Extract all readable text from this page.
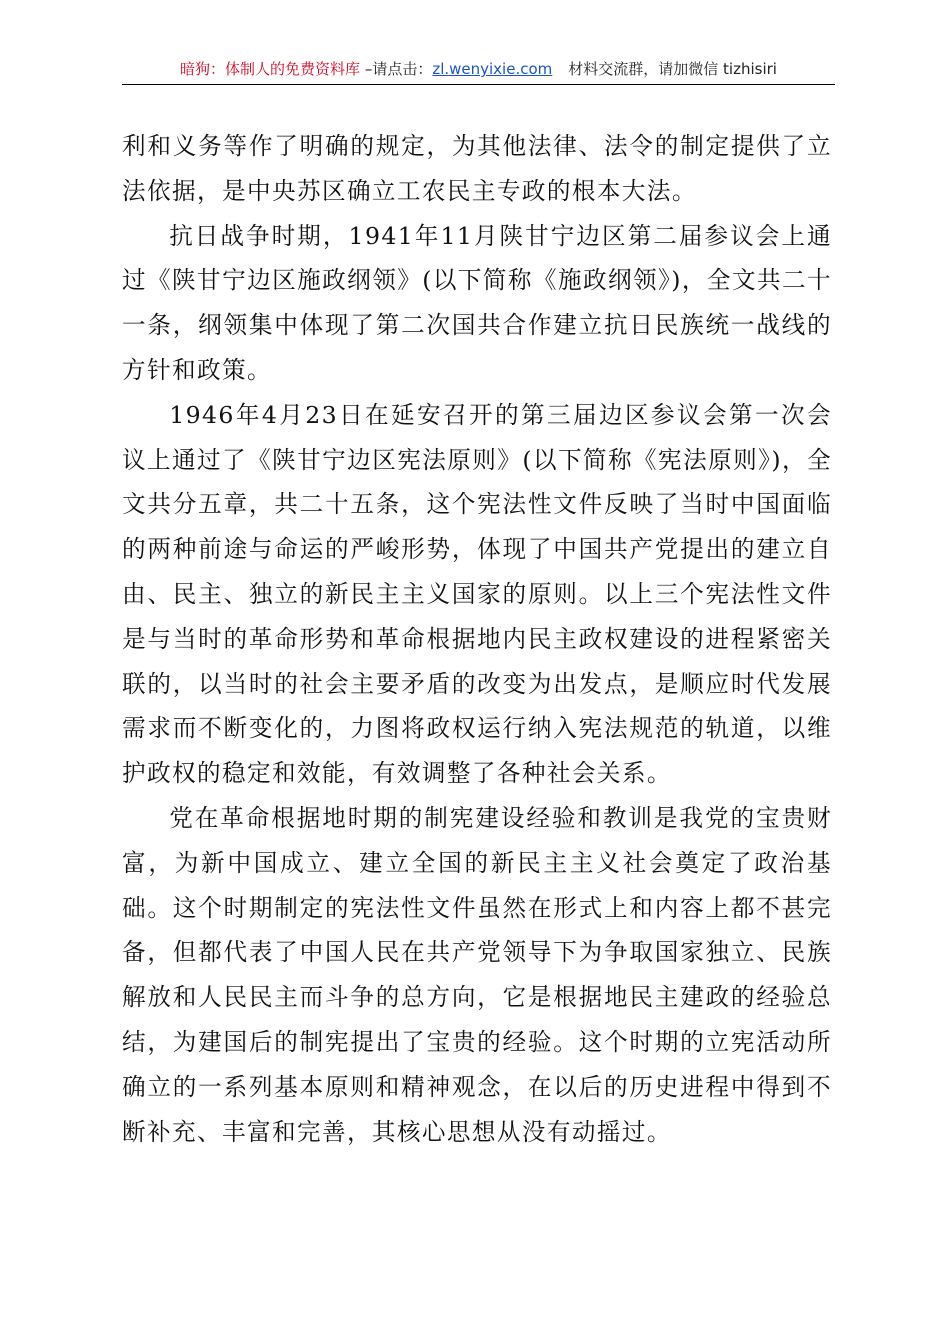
暗狗：体制人的免费资料库 –请点击：zl.wenyixie.com 材料交流群，请加微信 tizhisiri

利和义务等作了明确的规定，为其他法律、法令的制定提供了立法依据，是中央苏区确立工农民主专政的根本大法。

抗日战争时期，1941年11月陕甘宁边区第二届参议会上通过《陕甘宁边区施政纲领》(以下简称《施政纲领》)，全文共二十一条，纲领集中体现了第二次国共合作建立抗日民族统一战线的方针和政策。

1946年4月23日在延安召开的第三届边区参议会第一次会议上通过了《陕甘宁边区宪法原则》(以下简称《宪法原则》)，全文共分五章，共二十五条，这个宪法性文件反映了当时中国面临的两种前途与命运的严峻形势，体现了中国共产党提出的建立自由、民主、独立的新民主主义国家的原则。以上三个宪法性文件是与当时的革命形势和革命根据地内民主政权建设的进程紧密关联的，以当时的社会主要矛盾的改变为出发点，是顺应时代发展需求而不断变化的，力图将政权运行纳入宪法规范的轨道，以维护政权的稳定和效能，有效调整了各种社会关系。

党在革命根据地时期的制宪建设经验和教训是我党的宝贵财富，为新中国成立、建立全国的新民主主义社会奠定了政治基础。这个时期制定的宪法性文件虽然在形式上和内容上都不甚完备，但都代表了中国人民在共产党领导下为争取国家独立、民族解放和人民民主而斗争的总方向，它是根据地民主建政的经验总结，为建国后的制宪提出了宝贵的经验。这个时期的立宪活动所确立的一系列基本原则和精神观念，在以后的历史进程中得到不断补充、丰富和完善，其核心思想从没有动摇过。
